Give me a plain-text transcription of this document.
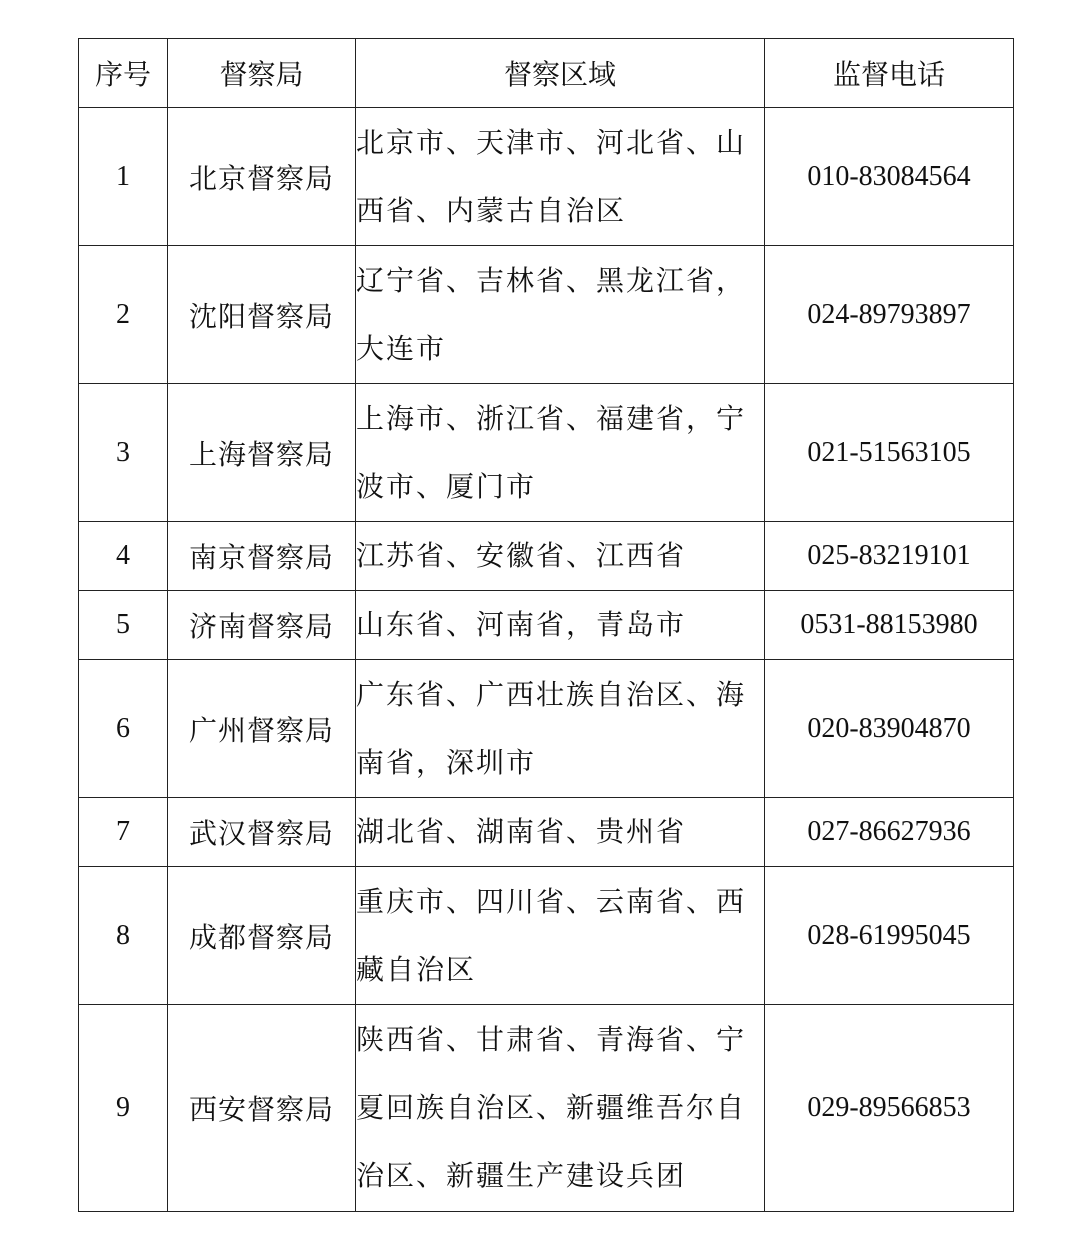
序号	督察局	督察区域	监督电话
1	北京督察局	北京市、天津市、河北省、山西省、内蒙古自治区	010-83084564
2	沈阳督察局	辽宁省、吉林省、黑龙江省，大连市	024-89793897
3	上海督察局	上海市、浙江省、福建省，宁波市、厦门市	021-51563105
4	南京督察局	江苏省、安徽省、江西省	025-83219101
5	济南督察局	山东省、河南省，青岛市	0531-88153980
6	广州督察局	广东省、广西壮族自治区、海南省，深圳市	020-83904870
7	武汉督察局	湖北省、湖南省、贵州省	027-86627936
8	成都督察局	重庆市、四川省、云南省、西藏自治区	028-61995045
9	西安督察局	陕西省、甘肃省、青海省、宁夏回族自治区、新疆维吾尔自治区、新疆生产建设兵团	029-89566853
